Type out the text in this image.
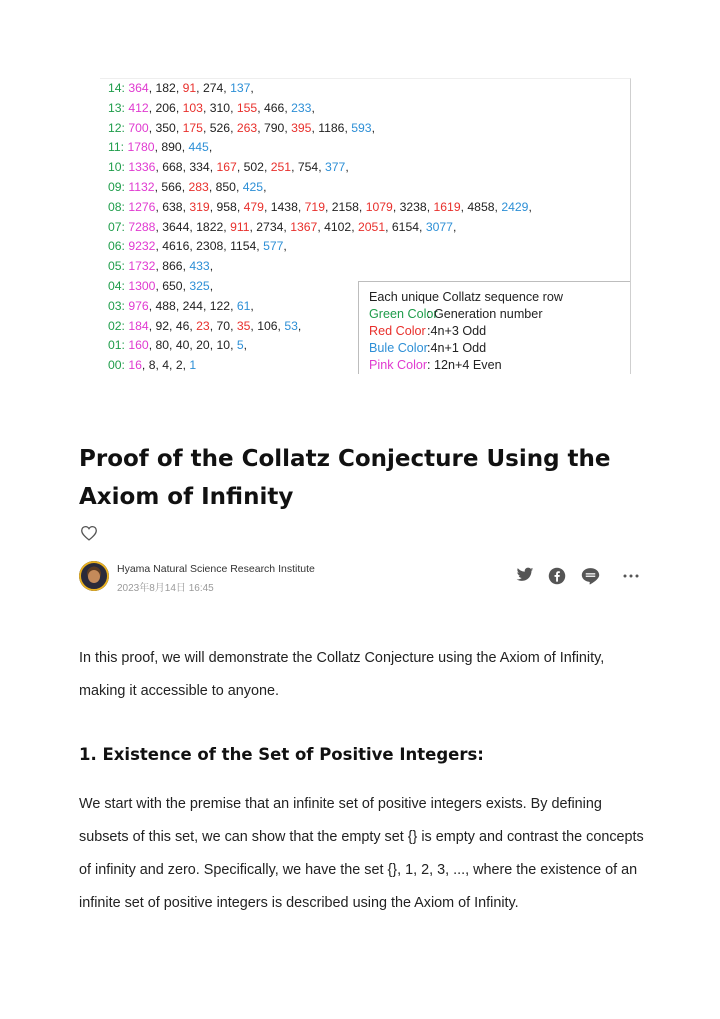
14: 364, 182, 91, 274, 137,
13: 412, 206, 103, 310, 155, 466, 233,
12: 700, 350, 175, 526, 263, 790, 395, 1186, 593,
11: 1780, 890, 445,
10: 1336, 668, 334, 167, 502, 251, 754, 377,
09: 1132, 566, 283, 850, 425,
08: 1276, 638, 319, 958, 479, 1438, 719, 2158, 1079, 3238, 1619, 4858, 2429,
07: 7288, 3644, 1822, 911, 2734, 1367, 4102, 2051, 6154, 3077,
06: 9232, 4616, 2308, 1154, 577,
05: 1732, 866, 433,
04: 1300, 650, 325,
03: 976, 488, 244, 122, 61,
02: 184, 92, 46, 23, 70, 35, 106, 53,
01: 160, 80, 40, 20, 10, 5,
00: 16, 8, 4, 2, 1
Each unique Collatz sequence row
Green Color: Generation number
Red Color:4n+3 Odd
Bule Color:4n+1 Odd
Pink Color: 12n+4 Even
Proof of the Collatz Conjecture Using the Axiom of Infinity
Hyama Natural Science Research Institute
2023年8月14日 16:45

In this proof, we will demonstrate the Collatz Conjecture using the Axiom of Infinity, making it accessible to anyone.

1. Existence of the Set of Positive Integers:

We start with the premise that an infinite set of positive integers exists. By defining subsets of this set, we can show that the empty set {} is empty and contrast the concepts of infinity and zero. Specifically, we have the set {}, 1, 2, 3, ..., where the existence of an infinite set of positive integers is described using the Axiom of Infinity.
